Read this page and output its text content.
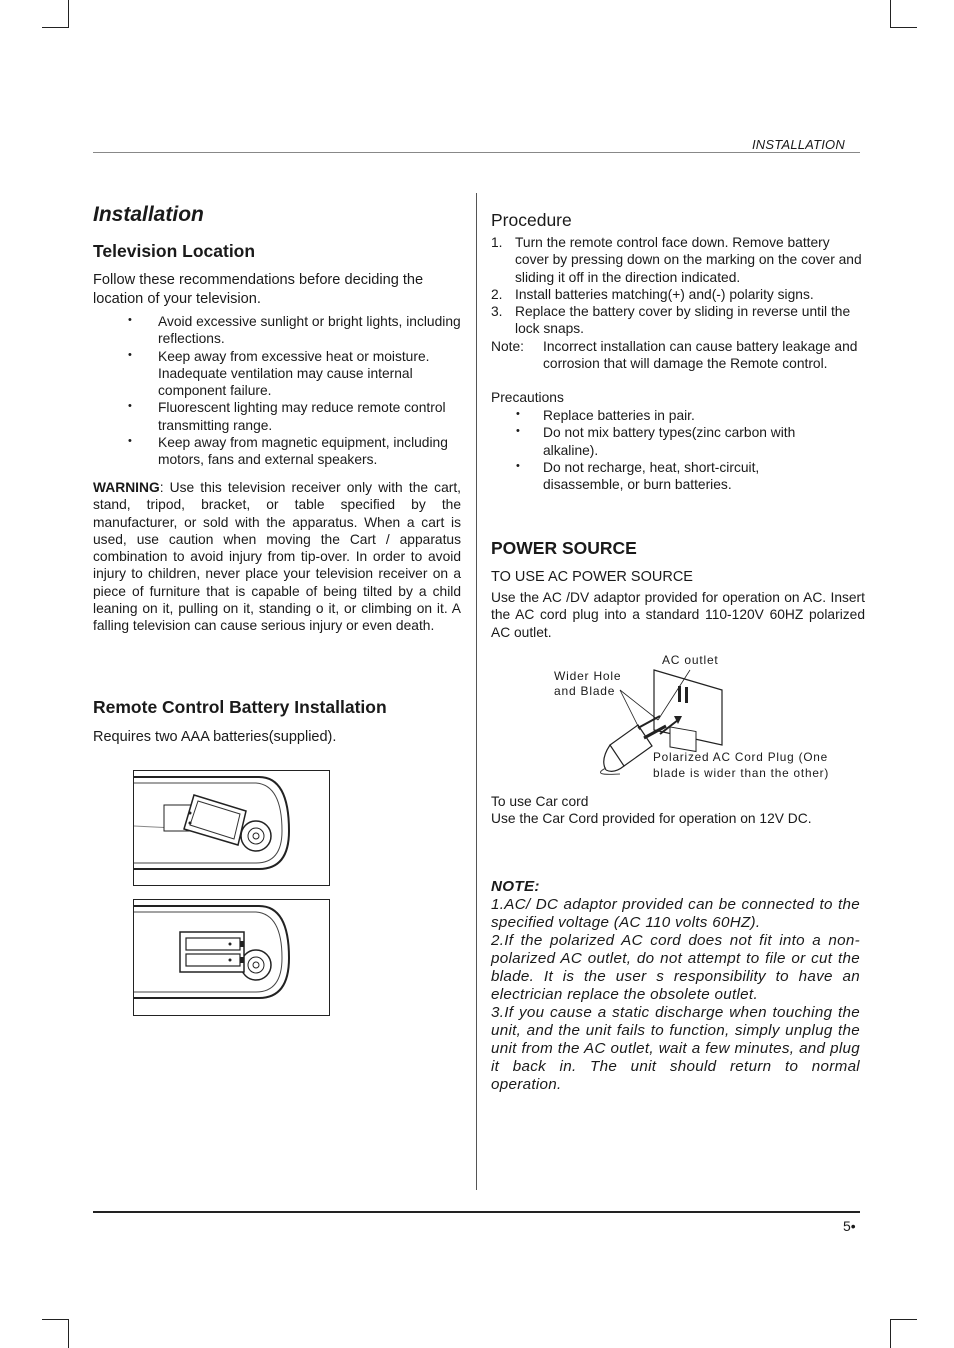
INSTALLATION
Installation
Television Location
Follow these recommendations before deciding the location of your television.
• Avoid excessive sunlight or bright lights, including reflections.
• Keep away from excessive heat or moisture. Inadequate ventilation may cause internal component failure.
• Fluorescent lighting may reduce remote control transmitting range.
• Keep away from magnetic equipment, including motors, fans and external speakers.
WARNING: Use this television receiver only with the cart, stand, tripod, bracket, or table specified by the manufacturer, or sold with the apparatus. When a cart is used, use caution when moving the Cart / apparatus combination to avoid injury from tip-over. In order to avoid injury to children, never place your television receiver on a piece of furniture that is capable of being tilted by a child leaning on it, pulling on it, standing o it, or climbing on it. A falling television can cause serious injury or even death.
Remote Control Battery Installation
Requires two AAA batteries(supplied).
Procedure
1. Turn the remote control face down. Remove battery cover by pressing down on the marking on the cover and sliding it off in the direction indicated.
2. Install batteries matching(+) and(-) polarity signs.
3. Replace the battery cover by sliding in reverse until the lock snaps.
Note: Incorrect installation can cause battery leakage and corrosion that will damage the Remote control.
Precautions
• Replace batteries in pair.
• Do not mix battery types(zinc carbon with alkaline).
• Do not recharge, heat, short-circuit, disassemble, or burn batteries.
POWER SOURCE
TO USE AC POWER SOURCE
Use the AC /DV adaptor provided for operation on AC. Insert the AC cord plug into a standard 110-120V 60HZ polarized AC outlet.
AC outlet
Wider Hole
and Blade
Polarized AC Cord Plug (One
blade is wider than the other)
To use Car cord
Use the Car Cord provided for operation on 12V DC.
NOTE:
1.AC/ DC adaptor provided can be connected to the specified voltage (AC 110 volts 60HZ).
2.If the polarized AC cord does not fit into a non-polarized AC outlet, do not attempt to file or cut the blade. It is the user s responsibility to have an electrician replace the obsolete outlet.
3.If you cause a static discharge when touching the unit, and the unit fails to function, simply unplug the unit from the AC outlet, wait a few minutes, and plug it back in. The unit should return to normal operation.
5•
